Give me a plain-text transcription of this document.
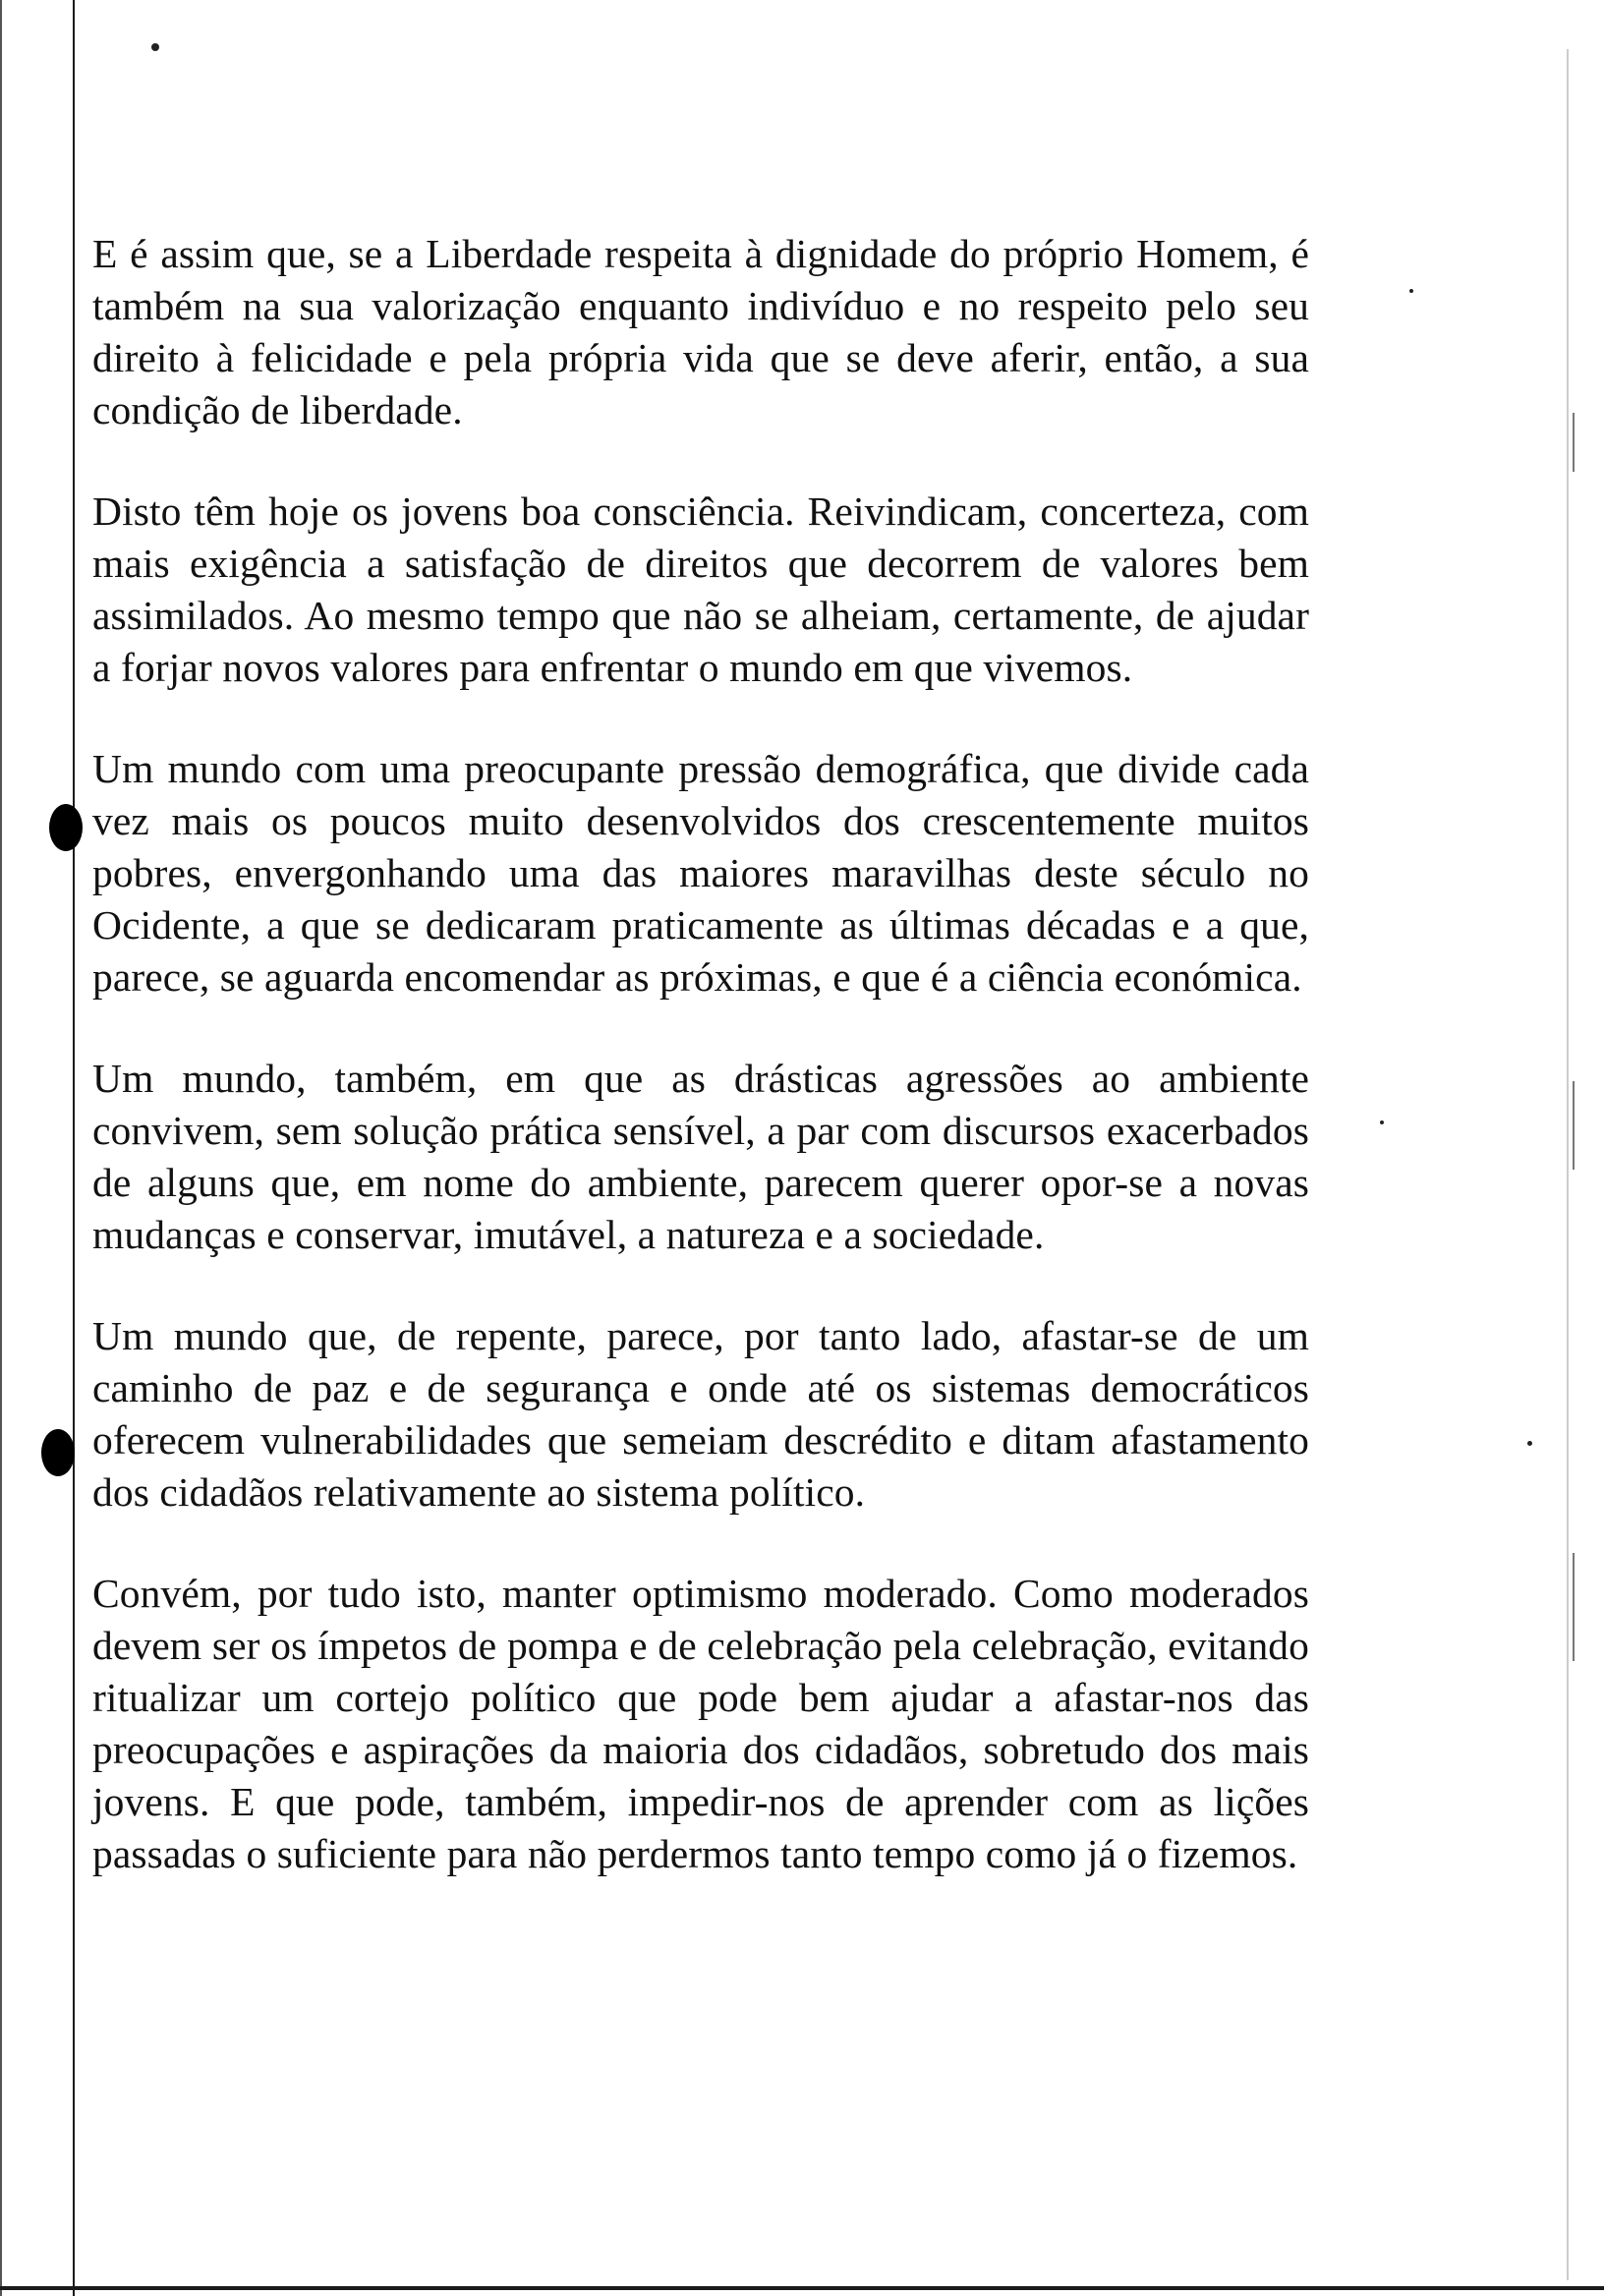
E é assim que, se a Liberdade respeita à dignidade do próprio Homem, é também na sua valorização enquanto indivíduo e no respeito pelo seu direito à felicidade e pela própria vida que se deve aferir, então, a sua condição de liberdade.

Disto têm hoje os jovens boa consciência. Reivindicam, concerteza, com mais exigência a satisfação de direitos que decorrem de valores bem assimilados. Ao mesmo tempo que não se alheiam, certamente, de ajudar a forjar novos valores para enfrentar o mundo em que vivemos.

Um mundo com uma preocupante pressão demográfica, que divide cada vez mais os poucos muito desenvolvidos dos crescentemente muitos pobres, envergonhando uma das maiores maravilhas deste século no Ocidente, a que se dedicaram praticamente as últimas décadas e a que, parece, se aguarda encomendar as próximas, e que é a ciência económica.

Um mundo, também, em que as drásticas agressões ao ambiente convivem, sem solução prática sensível, a par com discursos exacerbados de alguns que, em nome do ambiente, parecem querer opor-se a novas mudanças e conservar, imutável, a natureza e a sociedade.

Um mundo que, de repente, parece, por tanto lado, afastar-se de um caminho de paz e de segurança e onde até os sistemas democráticos oferecem vulnerabilidades que semeiam descrédito e ditam afastamento dos cidadãos relativamente ao sistema político.

Convém, por tudo isto, manter optimismo moderado. Como moderados devem ser os ímpetos de pompa e de celebração pela celebração, evitando ritualizar um cortejo político que pode bem ajudar a afastar-nos das preocupações e aspirações da maioria dos cidadãos, sobretudo dos mais jovens. E que pode, também, impedir-nos de aprender com as lições passadas o suficiente para não perdermos tanto tempo como já o fizemos.
